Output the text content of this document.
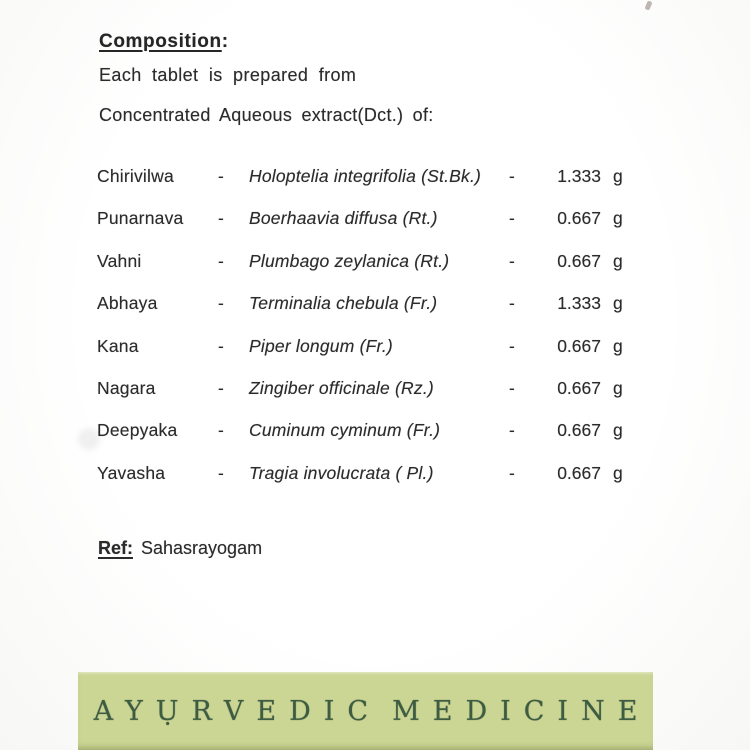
Composition:

Each tablet is prepared from

Concentrated Aqueous extract(Dct.) of:

Chirivilwa	-	Holoptelia integrifolia (St.Bk.)	-	1.333 g
Punarnava	-	Boerhaavia diffusa (Rt.)	-	0.667 g
Vahni	-	Plumbago zeylanica (Rt.)	-	0.667 g
Abhaya	-	Terminalia chebula (Fr.)	-	1.333 g
Kana	-	Piper longum (Fr.)	-	0.667 g
Nagara	-	Zingiber officinale (Rz.)	-	0.667 g
Deepyaka	-	Cuminum cyminum (Fr.)	-	0.667 g
Yavasha	-	Tragia involucrata ( Pl.)	-	0.667 g

Ref: Sahasrayogam

AYỤRVEDIC MEDICINE
